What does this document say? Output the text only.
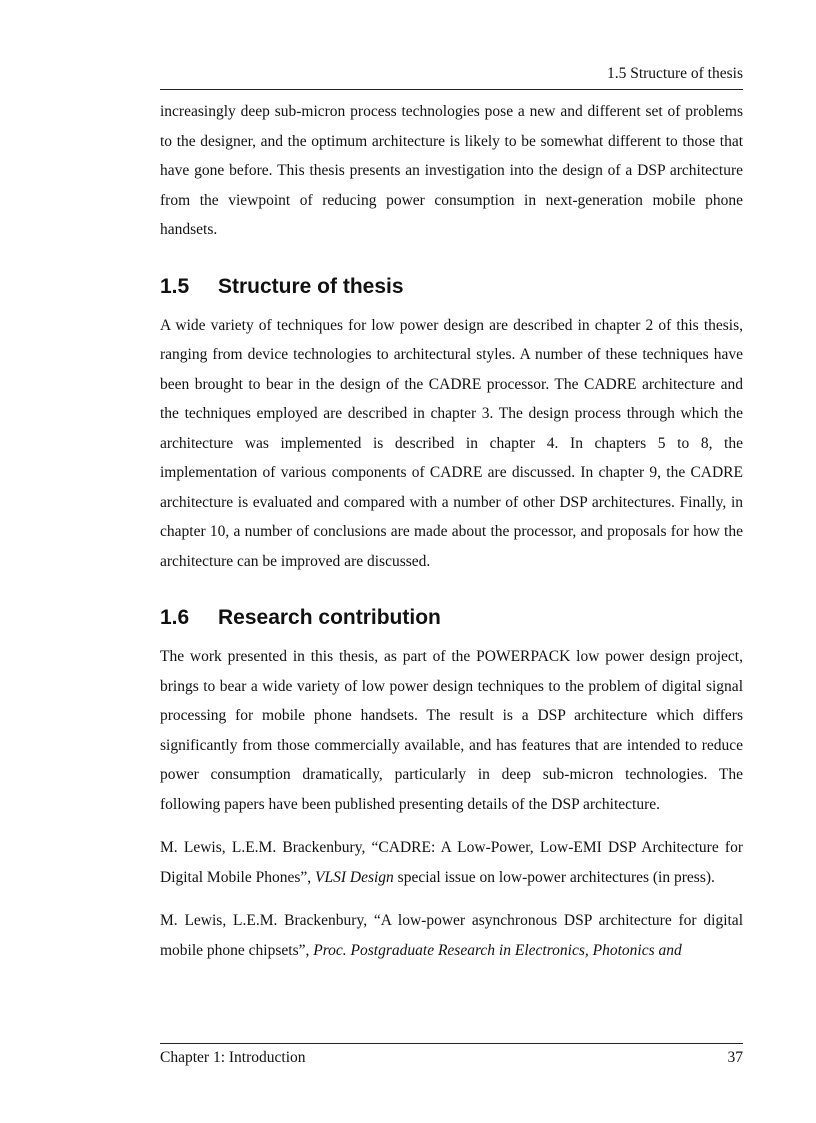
1.5 Structure of thesis

increasingly deep sub-micron process technologies pose a new and different set of problems to the designer, and the optimum architecture is likely to be somewhat different to those that have gone before. This thesis presents an investigation into the design of a DSP architecture from the viewpoint of reducing power consumption in next-generation mobile phone handsets.

1.5 Structure of thesis

A wide variety of techniques for low power design are described in chapter 2 of this thesis, ranging from device technologies to architectural styles. A number of these techniques have been brought to bear in the design of the CADRE processor. The CADRE architecture and the techniques employed are described in chapter 3. The design process through which the architecture was implemented is described in chapter 4. In chapters 5 to 8, the implementation of various components of CADRE are discussed. In chapter 9, the CADRE architecture is evaluated and compared with a number of other DSP architectures. Finally, in chapter 10, a number of conclusions are made about the processor, and proposals for how the architecture can be improved are discussed.

1.6 Research contribution

The work presented in this thesis, as part of the POWERPACK low power design project, brings to bear a wide variety of low power design techniques to the problem of digital signal processing for mobile phone handsets. The result is a DSP architecture which differs significantly from those commercially available, and has features that are intended to reduce power consumption dramatically, particularly in deep sub-micron technologies. The following papers have been published presenting details of the DSP architecture.

M. Lewis, L.E.M. Brackenbury, “CADRE: A Low-Power, Low-EMI DSP Architecture for Digital Mobile Phones”, VLSI Design special issue on low-power architectures (in press).

M. Lewis, L.E.M. Brackenbury, “A low-power asynchronous DSP architecture for digital mobile phone chipsets”, Proc. Postgraduate Research in Electronics, Photonics and

Chapter 1: Introduction	37
